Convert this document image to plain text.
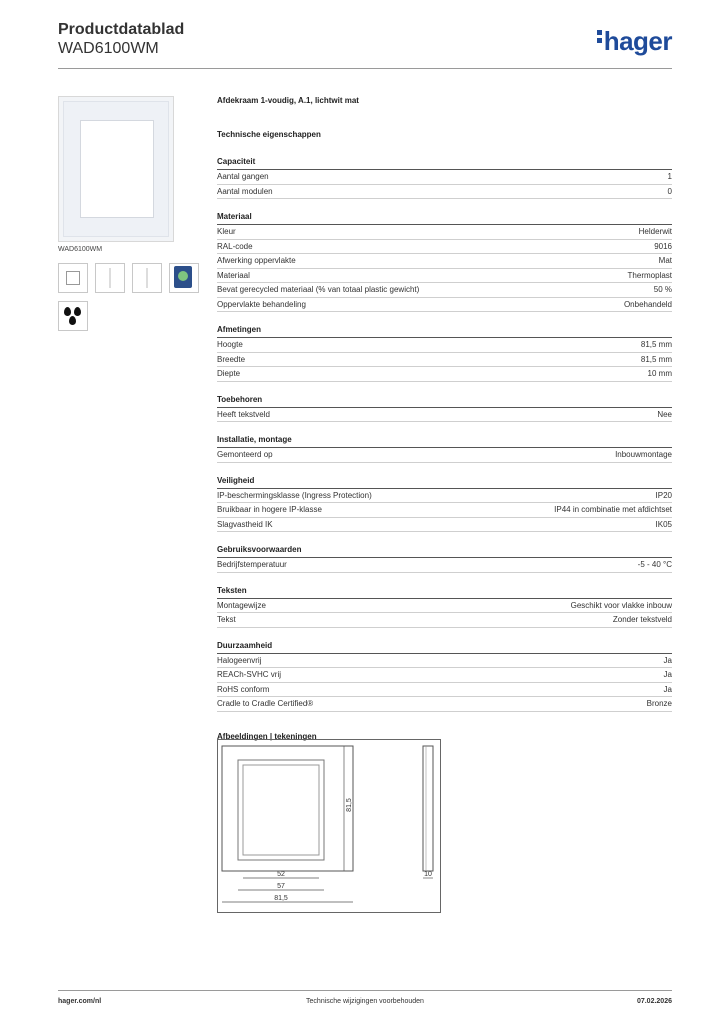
Productdatablad
WAD6100WM	hager
WAD6100WM
Afdekraam 1-voudig, A.1, lichtwit mat
Technische eigenschappen
Capaciteit
Aantal gangen	1
Aantal modulen	0
Materiaal
Kleur	Helderwit
RAL-code	9016
Afwerking oppervlakte	Mat
Materiaal	Thermoplast
Bevat gerecycled materiaal (% van totaal plastic gewicht)	50 %
Oppervlakte behandeling	Onbehandeld
Afmetingen
Hoogte	81,5 mm
Breedte	81,5 mm
Diepte	10 mm
Toebehoren
Heeft tekstveld	Nee
Installatie, montage
Gemonteerd op	Inbouwmontage
Veiligheid
IP-beschermingsklasse (Ingress Protection)	IP20
Bruikbaar in hogere IP-klasse	IP44 in combinatie met afdichtset
Slagvastheid IK	IK05
Gebruiksvoorwaarden
Bedrijfstemperatuur	-5 - 40 °C
Teksten
Montagewijze	Geschikt voor vlakke inbouw
Tekst	Zonder tekstveld
Duurzaamheid
Halogeenvrij	Ja
REACh-SVHC vrij	Ja
RoHS conform	Ja
Cradle to Cradle Certified®	Bronze
Afbeeldingen | tekeningen
81,5
52
57
81,5
10
hager.com/nl	Technische wijzigingen voorbehouden	07.02.2026
